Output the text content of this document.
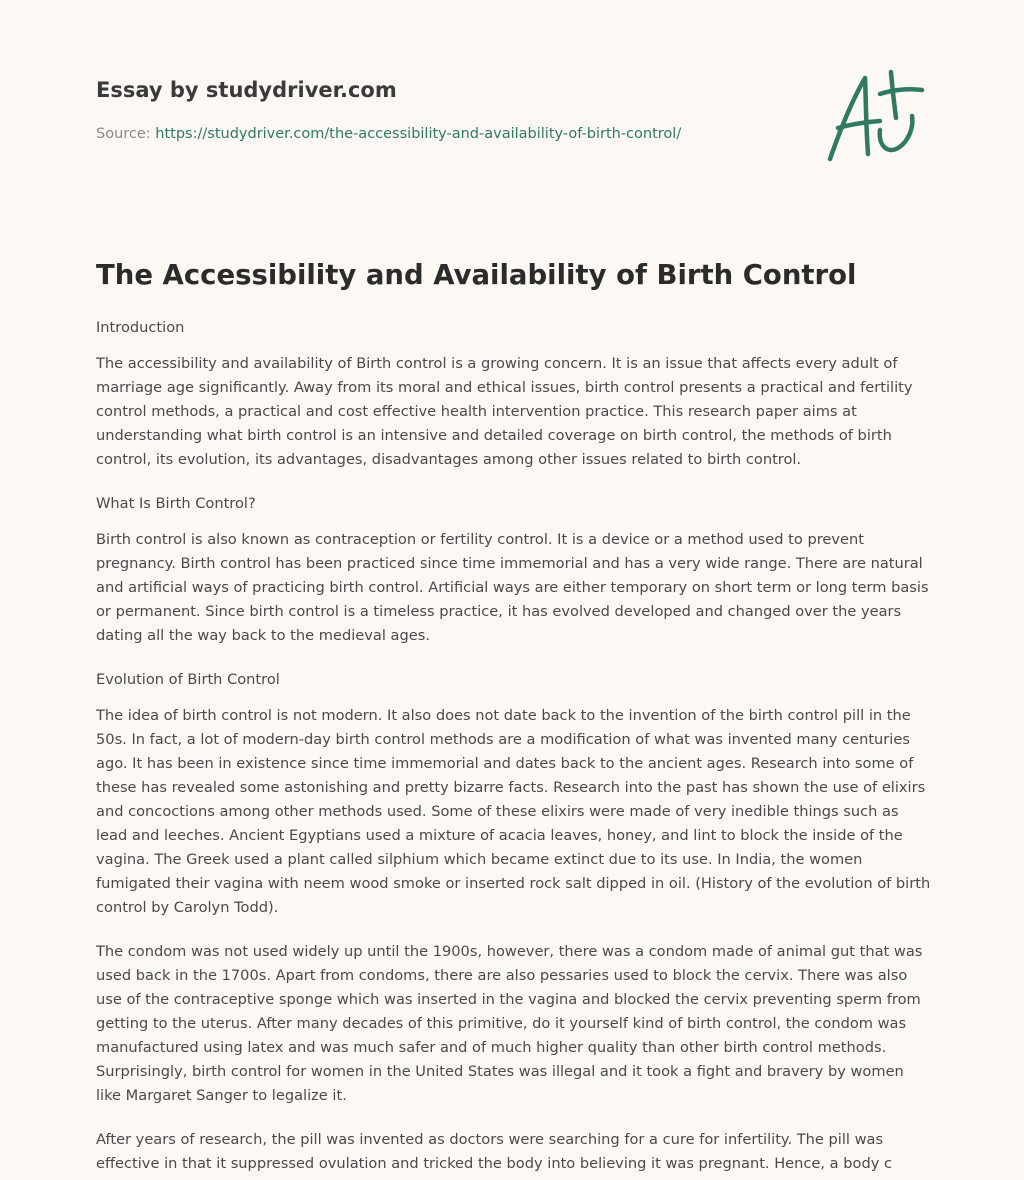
Essay by studydriver.com

Source: https://studydriver.com/the-accessibility-and-availability-of-birth-control/
The Accessibility and Availability of Birth Control
Introduction
The accessibility and availability of Birth control is a growing concern. It is an issue that affects every adult of marriage age significantly. Away from its moral and ethical issues, birth control presents a practical and fertility control methods, a practical and cost effective health intervention practice. This research paper aims at understanding what birth control is an intensive and detailed coverage on birth control, the methods of birth control, its evolution, its advantages, disadvantages among other issues related to birth control.
What Is Birth Control?
Birth control is also known as contraception or fertility control. It is a device or a method used to prevent pregnancy. Birth control has been practiced since time immemorial and has a very wide range. There are natural and artificial ways of practicing birth control. Artificial ways are either temporary on short term or long term basis or permanent. Since birth control is a timeless practice, it has evolved developed and changed over the years dating all the way back to the medieval ages.
Evolution of Birth Control
The idea of birth control is not modern. It also does not date back to the invention of the birth control pill in the 50s. In fact, a lot of modern-day birth control methods are a modification of what was invented many centuries ago. It has been in existence since time immemorial and dates back to the ancient ages. Research into some of these has revealed some astonishing and pretty bizarre facts. Research into the past has shown the use of elixirs and concoctions among other methods used. Some of these elixirs were made of very inedible things such as lead and leeches. Ancient Egyptians used a mixture of acacia leaves, honey, and lint to block the inside of the vagina. The Greek used a plant called silphium which became extinct due to its use. In India, the women fumigated their vagina with neem wood smoke or inserted rock salt dipped in oil. (History of the evolution of birth control by Carolyn Todd).
The condom was not used widely up until the 1900s, however, there was a condom made of animal gut that was used back in the 1700s. Apart from condoms, there are also pessaries used to block the cervix. There was also use of the contraceptive sponge which was inserted in the vagina and blocked the cervix preventing sperm from getting to the uterus. After many decades of this primitive, do it yourself kind of birth control, the condom was manufactured using latex and was much safer and of much higher quality than other birth control methods. Surprisingly, birth control for women in the United States was illegal and it took a fight and bravery by women like Margaret Sanger to legalize it.
After years of research, the pill was invented as doctors were searching for a cure for infertility. The pill was effective in that it suppressed ovulation and tricked the body into believing it was pregnant. Hence, a body c
